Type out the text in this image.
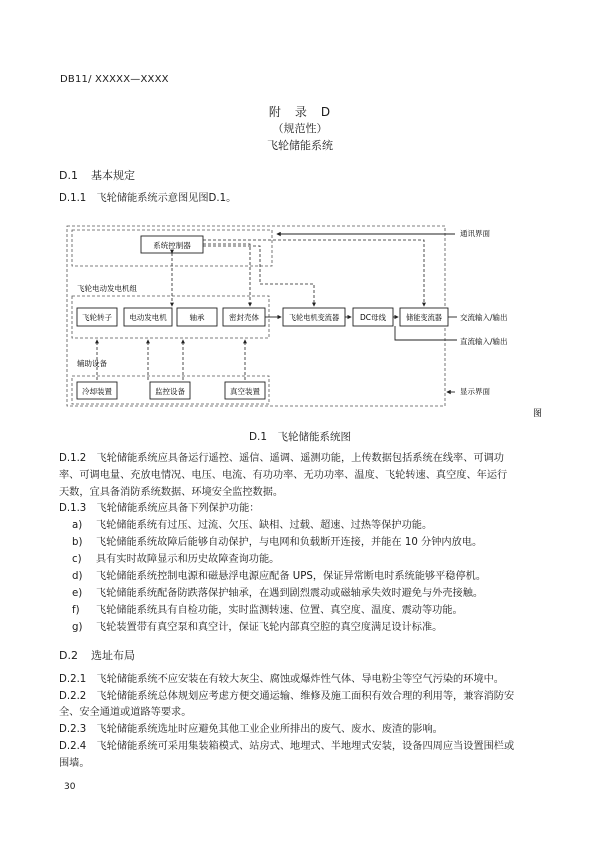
DB11/ XXXXX—XXXX
附　录　D
（规范性）
飞轮储能系统
D.1 基本规定
D.1.1　 飞轮储能系统示意图见图D.1。
系统控制器
飞轮转子 电动发电机	轴承	密封壳体	飞轮电机变流器	DC母线	储能变流器
冷却装置	监控设备	真空装置
飞轮电动发电机组
辅助设备
通讯界面
交流输入/输出
直流输入/输出
显示界面
图
D.1　飞轮储能系统图
D.1.2　 飞轮储能系统应具备运行遥控、遥信、遥调、遥测功能，上传数据包括系统在线率、可调功
率、可调电量、充放电情况、电压、电流、有功功率、无功功率、温度、飞轮转速、真空度、年运行
天数，宜具备消防系统数据、环境安全监控数据。
D.1.3　 飞轮储能系统应具备下列保护功能：
a) 飞轮储能系统有过压、过流、欠压、缺相、过载、超速、过热等保护功能。
b) 飞轮储能系统故障后能够自动保护，与电网和负载断开连接，并能在 10 分钟内放电。
c) 具有实时故障显示和历史故障查询功能。
d) 飞轮储能系统控制电源和磁悬浮电源应配备 UPS，保证异常断电时系统能够平稳停机。
e) 飞轮储能系统配备防跌落保护轴承，在遇到剧烈震动或磁轴承失效时避免与外壳接触。
f) 飞轮储能系统具有自检功能，实时监测转速、位置、真空度、温度、震动等功能。
g) 飞轮装置带有真空泵和真空计，保证飞轮内部真空腔的真空度满足设计标准。
D.2 选址布局
D.2.1　 飞轮储能系统不应安装在有较大灰尘、腐蚀或爆炸性气体、导电粉尘等空气污染的环境中。
D.2.2　 飞轮储能系统总体规划应考虑方便交通运输、维修及施工面积有效合理的利用等，兼容消防安
全、安全通道或道路等要求。
D.2.3　 飞轮储能系统选址时应避免其他工业企业所排出的废气、废水、废渣的影响。
D.2.4　 飞轮储能系统可采用集装箱模式、站房式、地埋式、半地埋式安装，设备四周应当设置围栏或
围墙。
30
